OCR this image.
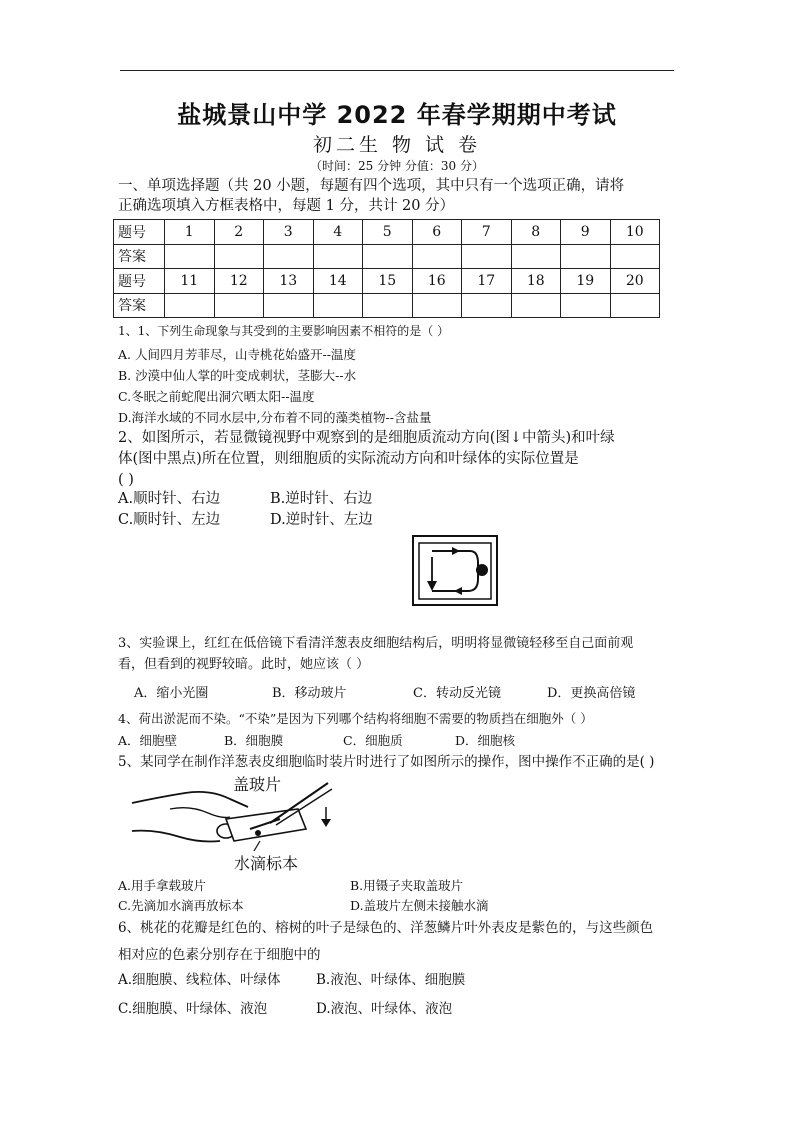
盐城景山中学 2022 年春学期期中考试
初二生 物 试 卷
（时间：25 分钟 分值：30 分）
一、单项选择题（共 20 小题，每题有四个选项，其中只有一个选项正确，请将
正确选项填入方框表格中，每题 1 分，共计 20 分）
题号	1	2	3	4	5	6	7	8	9	10
答案										
题号	11	12	13	14	15	16	17	18	19	20
答案										
1、1、下列生命现象与其受到的主要影响因素不相符的是（ ）
A. 人间四月芳菲尽，山寺桃花始盛开--温度
B. 沙漠中仙人掌的叶变成刺状，茎膨大--水
C.冬眠之前蛇爬出洞穴晒太阳--温度
D.海洋水域的不同水层中,分布着不同的藻类植物--含盐量
2、如图所示，若显微镜视野中观察到的是细胞质流动方向(图↓中箭头)和叶绿
体(图中黑点)所在位置，则细胞质的实际流动方向和叶绿体的实际位置是
( )
A.顺时针、右边	B.逆时针、右边
C.顺时针、左边	D.逆时针、左边
3、实验课上，红红在低倍镜下看清洋葱表皮细胞结构后，明明将显微镜轻移至自己面前观
看，但看到的视野较暗。此时，她应该（ ）
A．缩小光圈	B．移动玻片	C．转动反光镜	D．更换高倍镜
4、荷出淤泥而不染。“不染”是因为下列哪个结构将细胞不需要的物质挡在细胞外（ ）
A．细胞壁	B．细胞膜	C．细胞质	D．细胞核
5、某同学在制作洋葱表皮细胞临时装片时进行了如图所示的操作，图中操作不正确的是( )
盖玻片
水滴标本
A.用手拿载玻片	B.用镊子夹取盖玻片
C.先滴加水滴再放标本	D.盖玻片左侧未接触水滴
6、桃花的花瓣是红色的、榕树的叶子是绿色的、洋葱鳞片叶外表皮是紫色的，与这些颜色
相对应的色素分别存在于细胞中的
A.细胞膜、线粒体、叶绿体	B.液泡、叶绿体、细胞膜
C.细胞膜、叶绿体、液泡	D.液泡、叶绿体、液泡
